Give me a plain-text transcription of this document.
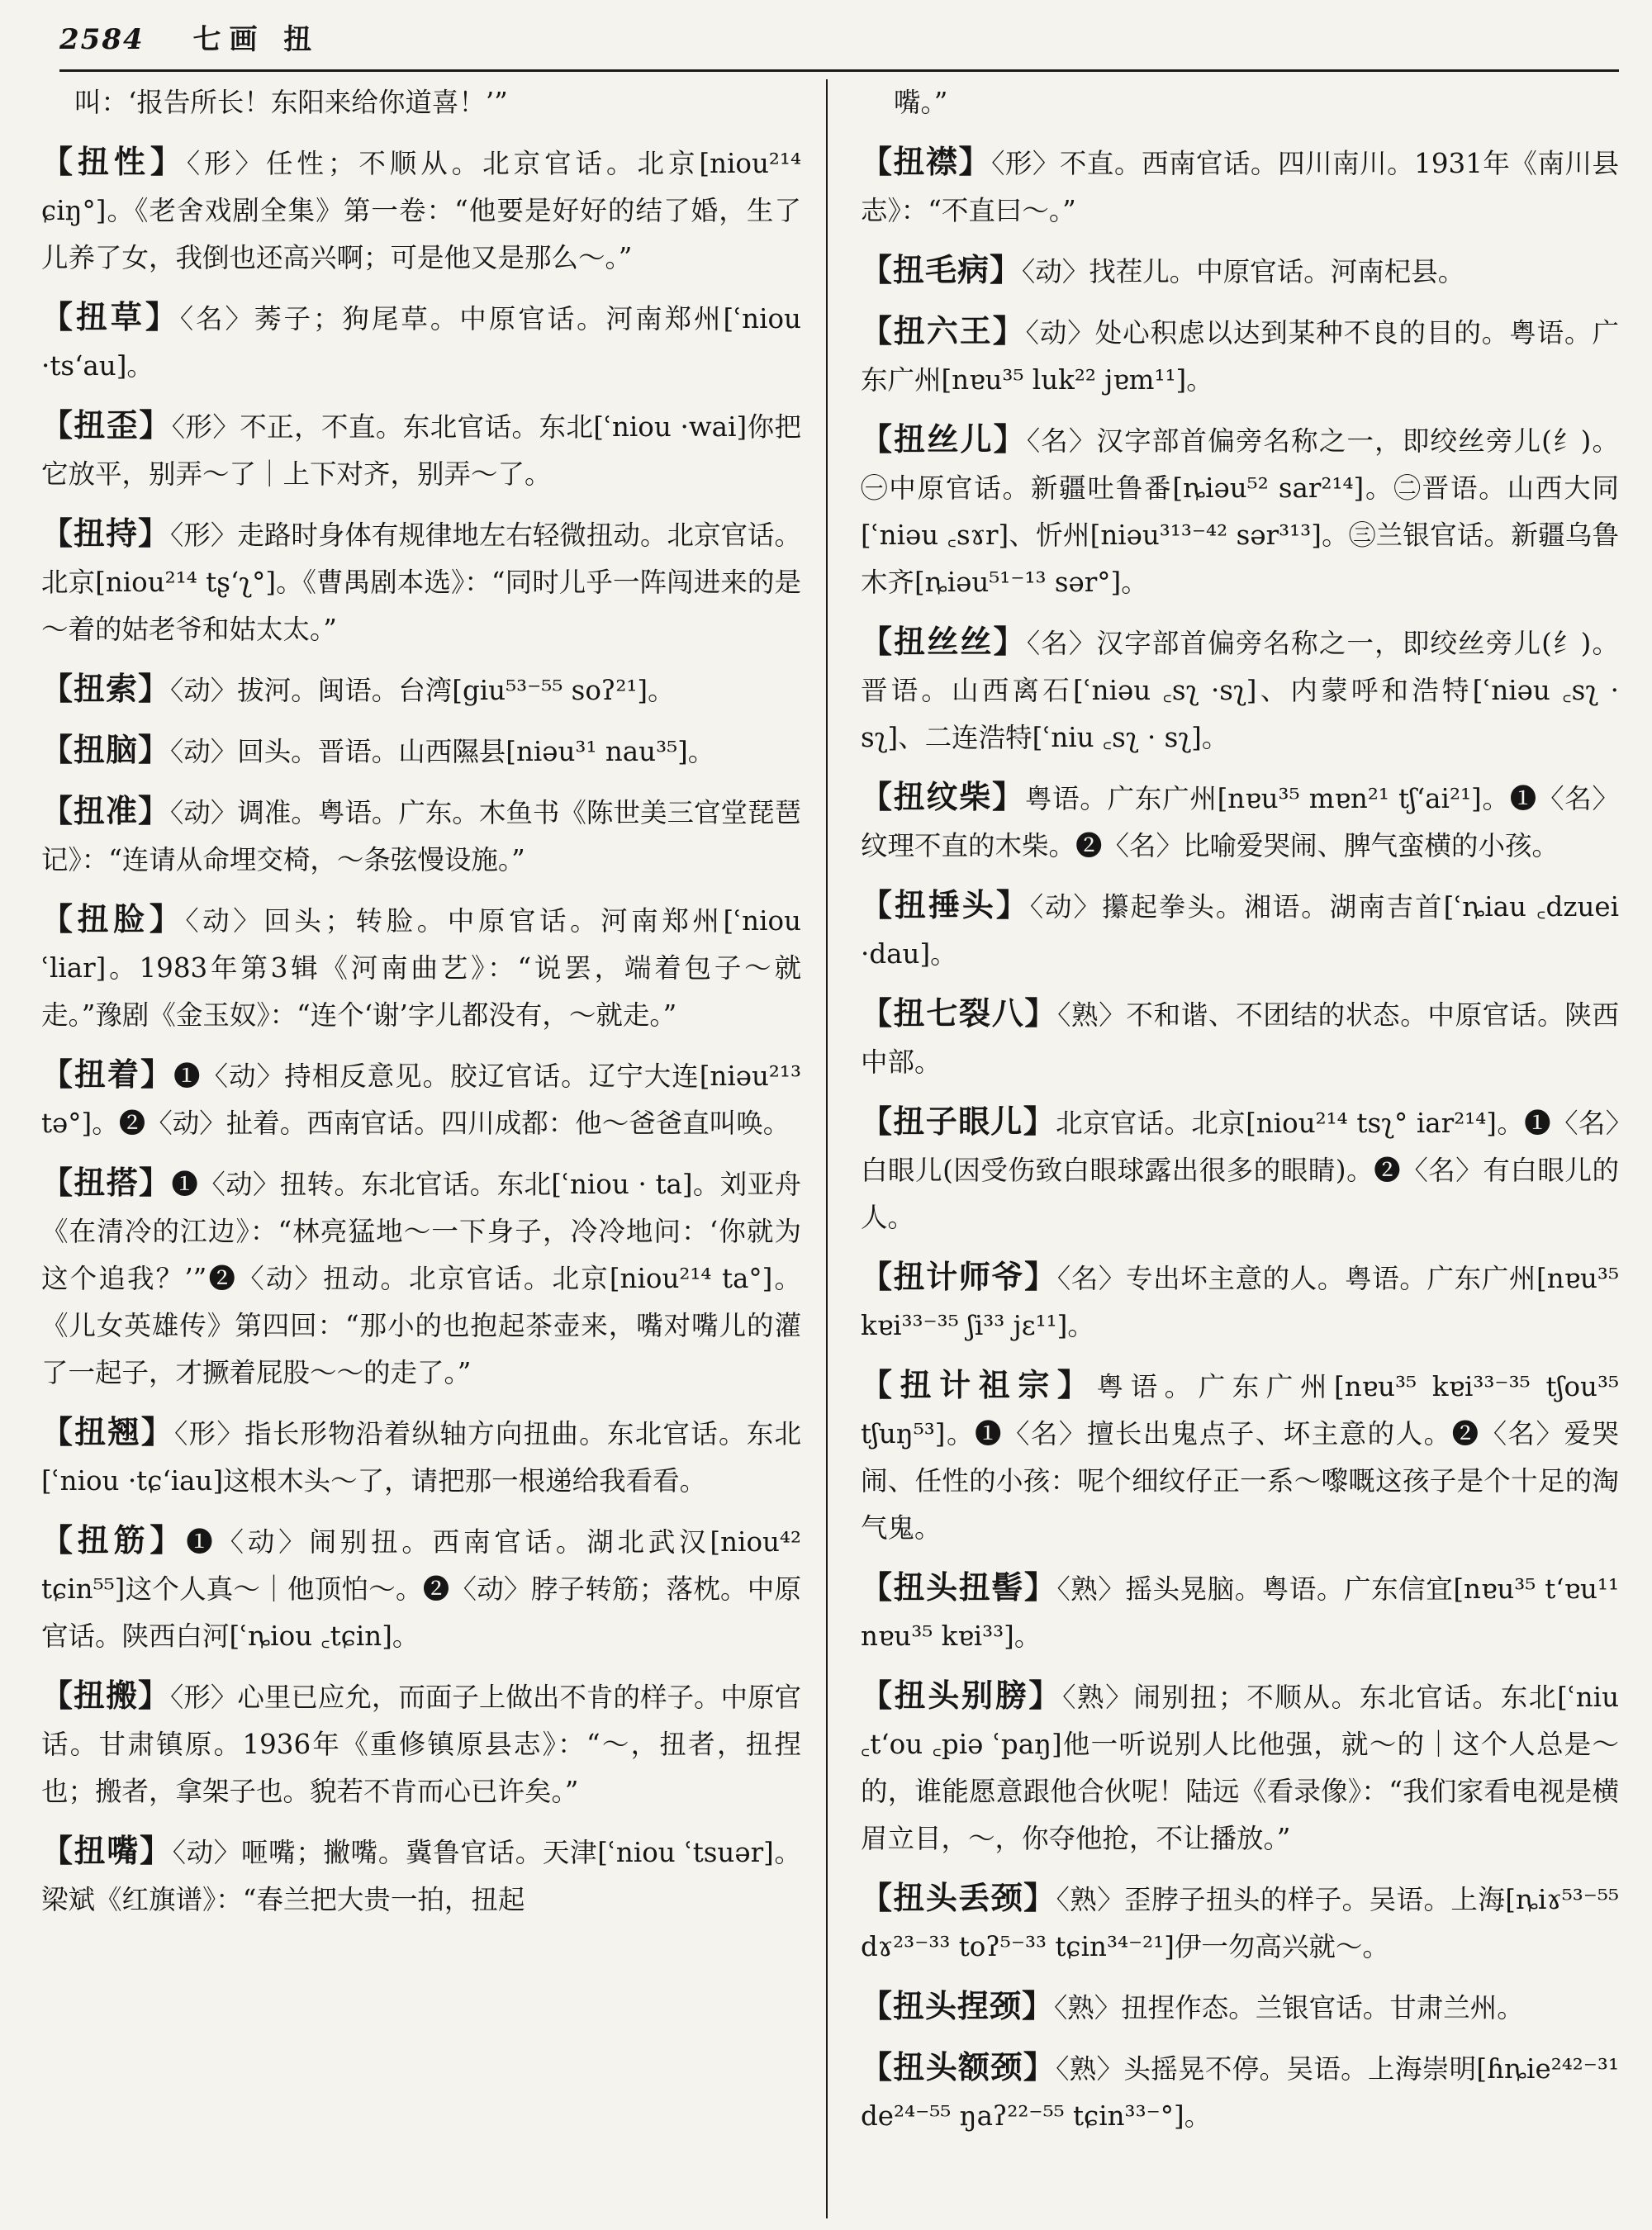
2584 七画 扭
叫：‘报告所长！东阳来给你道喜！’”
【扭性】〈形〉任性；不顺从。北京官话。北京[niou²¹⁴ ɕiŋ°]。《老舍戏剧全集》第一卷：“他要是好好的结了婚，生了儿养了女，我倒也还高兴啊；可是他又是那么～。”
【扭草】〈名〉莠子；狗尾草。中原官话。河南郑州[ʿniou ·tsʻau]。
【扭歪】〈形〉不正，不直。东北官话。东北[ʿniou ·wai]你把它放平，别弄～了｜上下对齐，别弄～了。
【扭持】〈形〉走路时身体有规律地左右轻微扭动。北京官话。北京[niou²¹⁴ tʂʻʅ°]。《曹禺剧本选》：“同时儿乎一阵闯进来的是～着的姑老爷和姑太太。”
【扭索】〈动〉拔河。闽语。台湾[giu⁵³⁻⁵⁵ soʔ²¹]。
【扭脑】〈动〉回头。晋语。山西隰县[niəu³¹ nau³⁵]。
【扭准】〈动〉调准。粤语。广东。木鱼书《陈世美三官堂琵琶记》：“连请从命埋交椅，～条弦慢设施。”
【扭脸】〈动〉回头；转脸。中原官话。河南郑州[ʿniou ʿliar]。1983年第3辑《河南曲艺》：“说罢，端着包子～就走。”豫剧《金玉奴》：“连个‘谢’字儿都没有，～就走。”
【扭着】❶〈动〉持相反意见。胶辽官话。辽宁大连[niəu²¹³ tə°]。❷〈动〉扯着。西南官话。四川成都：他～爸爸直叫唤。
【扭搭】❶〈动〉扭转。东北官话。东北[ʿniou · ta]。刘亚舟《在清冷的江边》：“林亮猛地～一下身子，冷冷地问：‘你就为这个追我？’”❷〈动〉扭动。北京官话。北京[niou²¹⁴ ta°]。《儿女英雄传》第四回：“那小的也抱起茶壶来，嘴对嘴儿的灌了一起子，才撅着屁股～～的走了。”
【扭翘】〈形〉指长形物沿着纵轴方向扭曲。东北官话。东北[ʿniou ·tɕʻiau]这根木头～了，请把那一根递给我看看。
【扭筋】❶〈动〉闹别扭。西南官话。湖北武汉[niou⁴² tɕin⁵⁵]这个人真～｜他顶怕～。❷〈动〉脖子转筋；落枕。中原官话。陕西白河[ʿȵiou ꜀tɕin]。
【扭搬】〈形〉心里已应允，而面子上做出不肯的样子。中原官话。甘肃镇原。1936年《重修镇原县志》：“～，扭者，扭捏也；搬者，拿架子也。貌若不肯而心已许矣。”
【扭嘴】〈动〉咂嘴；撇嘴。冀鲁官话。天津[ʿniou ʿtsuər]。梁斌《红旗谱》：“春兰把大贵一拍，扭起
嘴。”
【扭襟】〈形〉不直。西南官话。四川南川。1931年《南川县志》：“不直曰～。”
【扭毛病】〈动〉找茬儿。中原官话。河南杞县。
【扭六王】〈动〉处心积虑以达到某种不良的目的。粤语。广东广州[nɐu³⁵ luk²² jɐm¹¹]。
【扭丝儿】〈名〉汉字部首偏旁名称之一，即绞丝旁儿(纟)。㊀中原官话。新疆吐鲁番[ȵiəu⁵² sar²¹⁴]。㊁晋语。山西大同[ʿniəu ꜀sɤr]、忻州[niəu³¹³⁻⁴² sər³¹³]。㊂兰银官话。新疆乌鲁木齐[ȵiəu⁵¹⁻¹³ sər°]。
【扭丝丝】〈名〉汉字部首偏旁名称之一，即绞丝旁儿(纟)。晋语。山西离石[ʿniəu ꜀sʅ ·sʅ]、内蒙呼和浩特[ʿniəu ꜀sʅ · sʅ]、二连浩特[ʿniu ꜀sʅ · sʅ]。
【扭纹柴】粤语。广东广州[nɐu³⁵ mɐn²¹ tʃʻai²¹]。❶〈名〉纹理不直的木柴。❷〈名〉比喻爱哭闹、脾气蛮横的小孩。
【扭捶头】〈动〉攥起拳头。湘语。湖南吉首[ʿȵiau ꜀dzuei ·dau]。
【扭七裂八】〈熟〉不和谐、不团结的状态。中原官话。陕西中部。
【扭子眼儿】北京官话。北京[niou²¹⁴ tsʅ° iar²¹⁴]。❶〈名〉白眼儿(因受伤致白眼球露出很多的眼睛)。❷〈名〉有白眼儿的人。
【扭计师爷】〈名〉专出坏主意的人。粤语。广东广州[nɐu³⁵ kɐi³³⁻³⁵ ʃi³³ jɛ¹¹]。
【扭计祖宗】粤语。广东广州[nɐu³⁵ kɐi³³⁻³⁵ tʃou³⁵ tʃuŋ⁵³]。❶〈名〉擅长出鬼点子、坏主意的人。❷〈名〉爱哭闹、任性的小孩：呢个细纹仔正一系～嚟嘅这孩子是个十足的淘气鬼。
【扭头扭髻】〈熟〉摇头晃脑。粤语。广东信宜[nɐu³⁵ tʻɐu¹¹ nɐu³⁵ kɐi³³]。
【扭头别膀】〈熟〉闹别扭；不顺从。东北官话。东北[ʿniu ꜀tʻou ꜀piə ʿpaŋ]他一听说别人比他强，就～的｜这个人总是～的，谁能愿意跟他合伙呢！陆远《看录像》：“我们家看电视是横眉立目，～，你夺他抢，不让播放。”
【扭头丢颈】〈熟〉歪脖子扭头的样子。吴语。上海[ȵiɤ⁵³⁻⁵⁵ dɤ²³⁻³³ toʔ⁵⁻³³ tɕin³⁴⁻²¹]伊一勿高兴就～。
【扭头捏颈】〈熟〉扭捏作态。兰银官话。甘肃兰州。
【扭头额颈】〈熟〉头摇晃不停。吴语。上海崇明[ɦȵie²⁴²⁻³¹ de²⁴⁻⁵⁵ ŋaʔ²²⁻⁵⁵ tɕin³³⁻°]。
